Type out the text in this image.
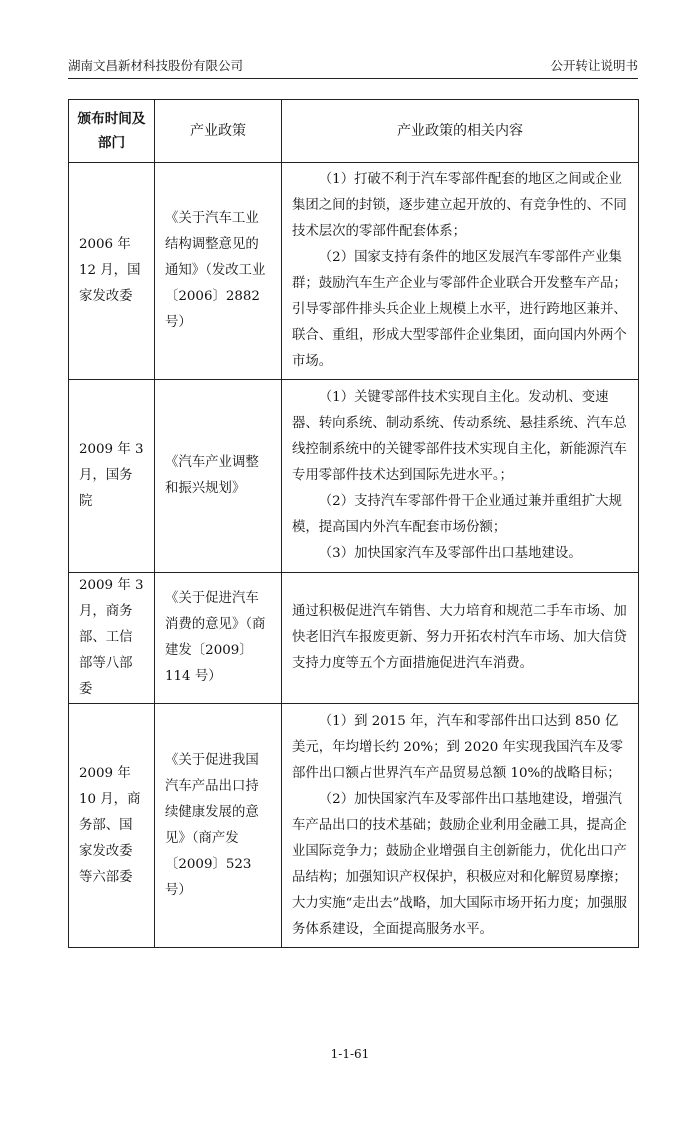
湖南文昌新材科技股份有限公司	公开转让说明书
颁布时间及部门	产业政策	产业政策的相关内容
2006 年 12 月，国家发改委	《关于汽车工业结构调整意见的通知》（发改工业〔2006〕2882 号）	（1）打破不利于汽车零部件配套的地区之间或企业集团之间的封锁，逐步建立起开放的、有竞争性的、不同技术层次的零部件配套体系；

（2）国家支持有条件的地区发展汽车零部件产业集群；鼓励汽车生产企业与零部件企业联合开发整车产品；引导零部件排头兵企业上规模上水平，进行跨地区兼并、联合、重组，形成大型零部件企业集团，面向国内外两个市场。

2009 年 3 月，国务院	《汽车产业调整和振兴规划》	（1）关键零部件技术实现自主化。发动机、变速器、转向系统、制动系统、传动系统、悬挂系统、汽车总线控制系统中的关键零部件技术实现自主化，新能源汽车专用零部件技术达到国际先进水平。；

（2）支持汽车零部件骨干企业通过兼并重组扩大规模，提高国内外汽车配套市场份额；

（3）加快国家汽车及零部件出口基地建设。

2009 年 3 月，商务部、工信部等八部委	《关于促进汽车消费的意见》（商建发〔2009〕114 号）	通过积极促进汽车销售、大力培育和规范二手车市场、加快老旧汽车报废更新、努力开拓农村汽车市场、加大信贷支持力度等五个方面措施促进汽车消费。

2009 年 10 月，商务部、国家发改委等六部委	《关于促进我国汽车产品出口持续健康发展的意见》（商产发〔2009〕523 号）	（1）到 2015 年，汽车和零部件出口达到 850 亿美元，年均增长约 20%；到 2020 年实现我国汽车及零部件出口额占世界汽车产品贸易总额 10%的战略目标；

（2）加快国家汽车及零部件出口基地建设，增强汽车产品出口的技术基础；鼓励企业利用金融工具，提高企业国际竞争力；鼓励企业增强自主创新能力，优化出口产品结构；加强知识产权保护，积极应对和化解贸易摩擦；大力实施“走出去”战略，加大国际市场开拓力度；加强服务体系建设，全面提高服务水平。

1-1-61
